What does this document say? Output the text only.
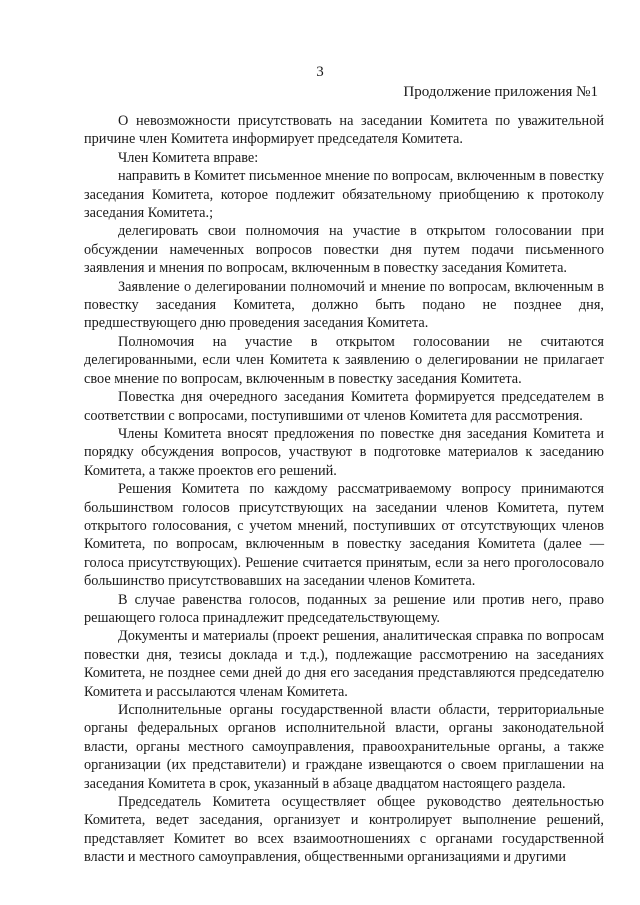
3
Продолжение приложения №1

О невозможности присутствовать на заседании Комитета по уважительной причине член Комитета информирует председателя Комитета.

Член Комитета вправе:

направить в Комитет письменное мнение по вопросам, включенным в повестку заседания Комитета, которое подлежит обязательному приобщению к протоколу заседания Комитета.;

делегировать свои полномочия на участие в открытом голосовании при обсуждении намеченных вопросов повестки дня путем подачи письменного заявления и мнения по вопросам, включенным в повестку заседания Комитета.

Заявление о делегировании полномочий и мнение по вопросам, включенным в повестку заседания Комитета, должно быть подано не позднее дня, предшествующего дню проведения заседания Комитета.

Полномочия на участие в открытом голосовании не считаются делегированными, если член Комитета к заявлению о делегировании не прилагает свое мнение по вопросам, включенным в повестку заседания Комитета.

Повестка дня очередного заседания Комитета формируется председателем в соответствии с вопросами, поступившими от членов Комитета для рассмотрения.

Члены Комитета вносят предложения по повестке дня заседания Комитета и порядку обсуждения вопросов, участвуют в подготовке материалов к заседанию Комитета, а также проектов его решений.

Решения Комитета по каждому рассматриваемому вопросу принимаются большинством голосов присутствующих на заседании членов Комитета, путем открытого голосования, с учетом мнений, поступивших от отсутствующих членов Комитета, по вопросам, включенным в повестку заседания Комитета (далее — голоса присутствующих). Решение считается принятым, если за него проголосовало большинство присутствовавших на заседании членов Комитета.

В случае равенства голосов, поданных за решение или против него, право решающего голоса принадлежит председательствующему.

Документы и материалы (проект решения, аналитическая справка по вопросам повестки дня, тезисы доклада и т.д.), подлежащие рассмотрению на заседаниях Комитета, не позднее семи дней до дня его заседания представляются председателю Комитета и рассылаются членам Комитета.

Исполнительные органы государственной власти области, территориальные органы федеральных органов исполнительной власти, органы законодательной власти, органы местного самоуправления, правоохранительные органы, а также организации (их представители) и граждане извещаются о своем приглашении на заседания Комитета в срок, указанный в абзаце двадцатом настоящего раздела.

Председатель Комитета осуществляет общее руководство деятельностью Комитета, ведет заседания, организует и контролирует выполнение решений, представляет Комитет во всех взаимоотношениях с органами государственной власти и местного самоуправления, общественными организациями и другими
